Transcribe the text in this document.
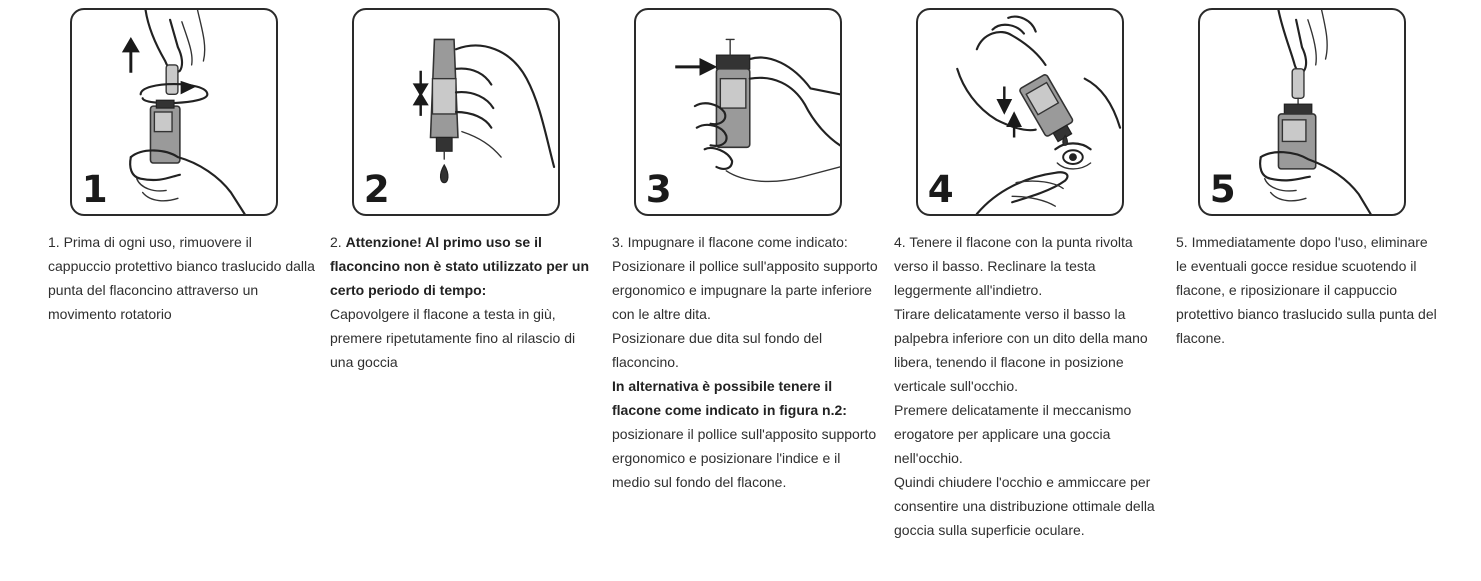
1

1. Prima di ogni uso, rimuovere il cappuccio protettivo bianco traslucido dalla punta del flaconcino attraverso un movimento rotatorio

2

2. Attenzione! Al primo uso se il flaconcino non è stato utilizzato per un certo periodo di tempo:

Capovolgere il flacone a testa in giù, premere ripetutamente fino al rilascio di una goccia

3

3. Impugnare il flacone come indicato:

Posizionare il pollice sull'apposito supporto ergonomico e impugnare la parte inferiore con le altre dita.

Posizionare due dita sul fondo del flaconcino.

In alternativa è possibile tenere il flacone come indicato in figura n.2:

posizionare il pollice sull'apposito supporto ergonomico e posizionare l'indice e il medio sul fondo del flacone.

4

4. Tenere il flacone con la punta rivolta verso il basso. Reclinare la testa leggermente all'indietro.

Tirare delicatamente verso il basso la palpebra inferiore con un dito della mano libera, tenendo il flacone in posizione verticale sull'occhio.

Premere delicatamente il meccanismo erogatore per applicare una goccia nell'occhio.

Quindi chiudere l'occhio e ammiccare per consentire una distribuzione ottimale della goccia sulla superficie oculare.

5

5. Immediatamente dopo l'uso, eliminare le eventuali gocce residue scuotendo il flacone, e riposizionare il cappuccio protettivo bianco traslucido sulla punta del flacone.
